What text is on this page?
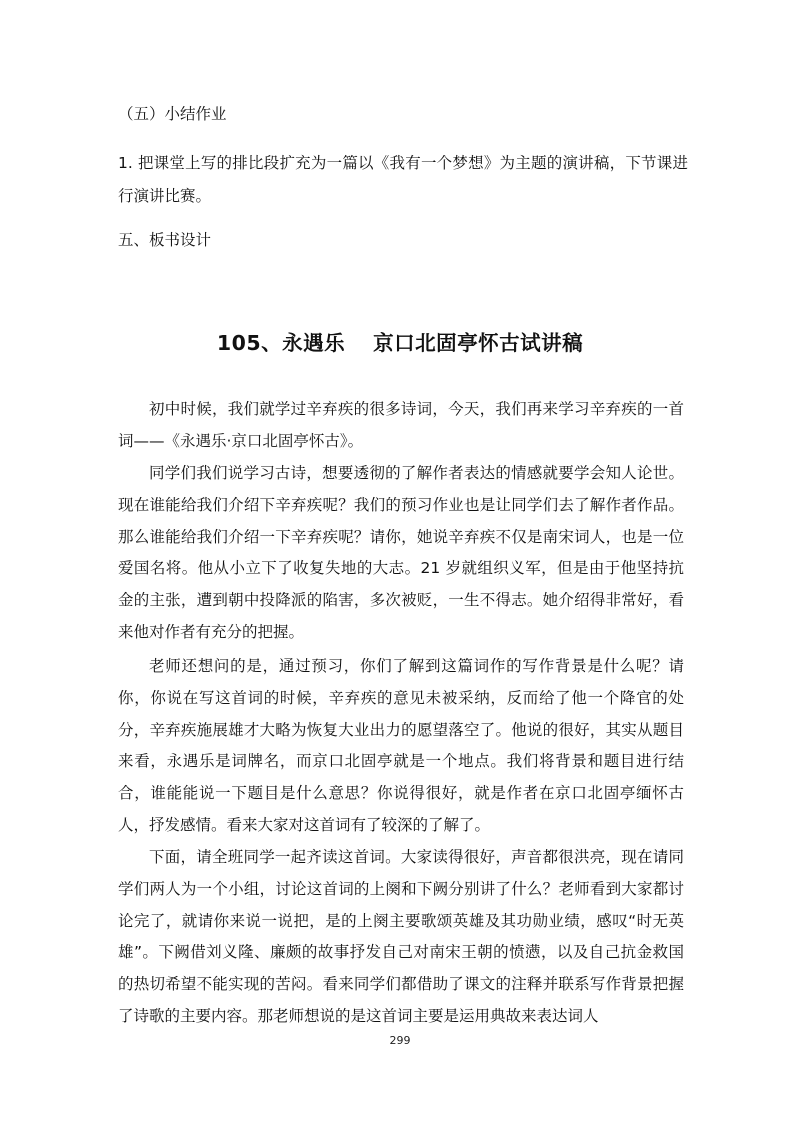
（五）小结作业

1. 把课堂上写的排比段扩充为一篇以《我有一个梦想》为主题的演讲稿，下节课进行演讲比赛。

五、板书设计

105、永遇乐 京口北固亭怀古试讲稿

初中时候，我们就学过辛弃疾的很多诗词，今天，我们再来学习辛弃疾的一首词——《永遇乐·京口北固亭怀古》。

同学们我们说学习古诗，想要透彻的了解作者表达的情感就要学会知人论世。现在谁能给我们介绍下辛弃疾呢？我们的预习作业也是让同学们去了解作者作品。那么谁能给我们介绍一下辛弃疾呢？请你，她说辛弃疾不仅是南宋词人，也是一位爱国名将。他从小立下了收复失地的大志。21 岁就组织义军，但是由于他坚持抗金的主张，遭到朝中投降派的陷害，多次被贬，一生不得志。她介绍得非常好，看来他对作者有充分的把握。

老师还想问的是，通过预习，你们了解到这篇词作的写作背景是什么呢？请你，你说在写这首词的时候，辛弃疾的意见未被采纳，反而给了他一个降官的处分，辛弃疾施展雄才大略为恢复大业出力的愿望落空了。他说的很好，其实从题目来看，永遇乐是词牌名，而京口北固亭就是一个地点。我们将背景和题目进行结合，谁能能说一下题目是什么意思？你说得很好，就是作者在京口北固亭缅怀古人，抒发感情。看来大家对这首词有了较深的了解了。

下面，请全班同学一起齐读这首词。大家读得很好，声音都很洪亮，现在请同学们两人为一个小组，讨论这首词的上阕和下阙分别讲了什么？老师看到大家都讨论完了，就请你来说一说把，是的上阕主要歌颂英雄及其功勋业绩，感叹“时无英雄”。下阙借刘义隆、廉颇的故事抒发自己对南宋王朝的愤懑，以及自己抗金救国的热切希望不能实现的苦闷。看来同学们都借助了课文的注释并联系写作背景把握了诗歌的主要内容。那老师想说的是这首词主要是运用典故来表达词人

299
